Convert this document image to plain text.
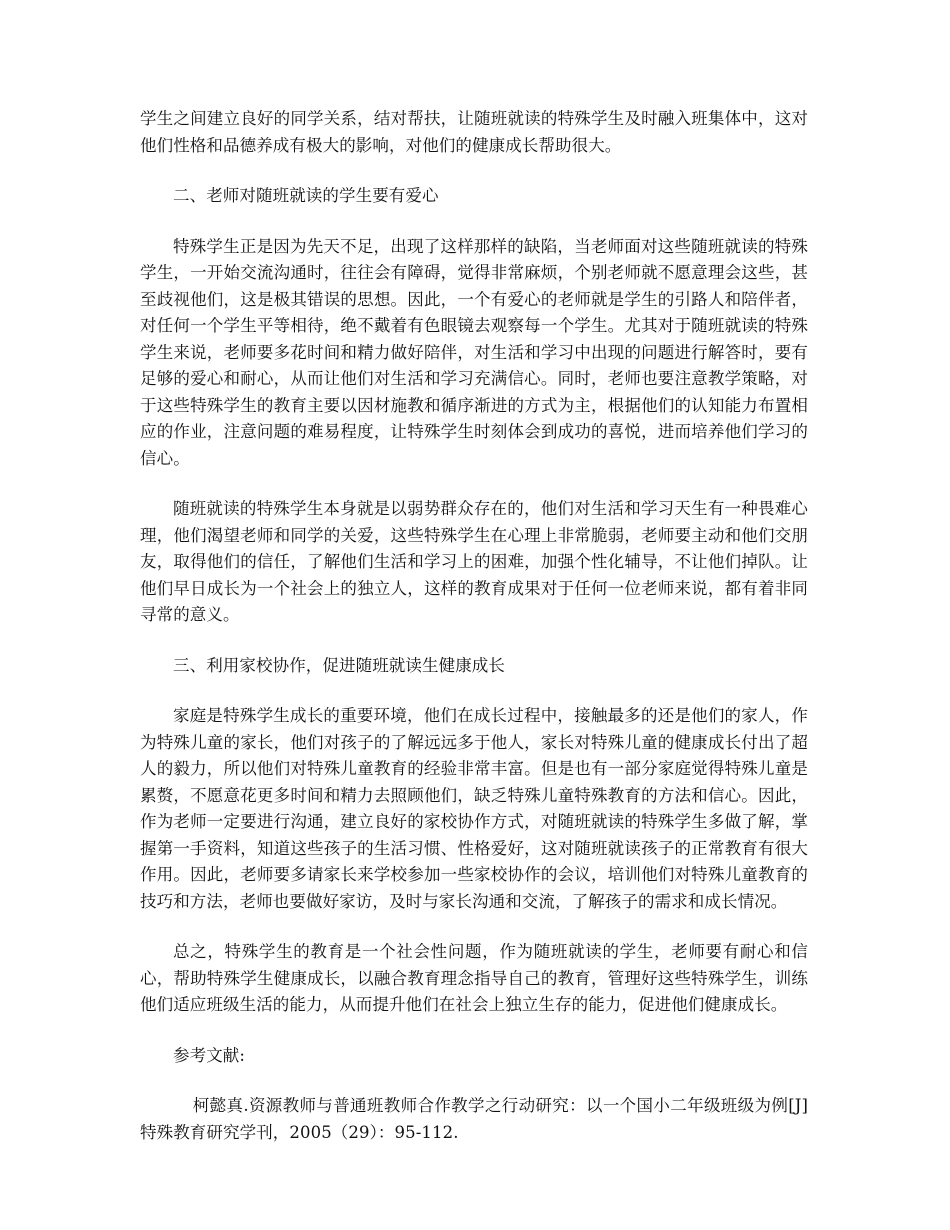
学生之间建立良好的同学关系，结对帮扶，让随班就读的特殊学生及时融入班集体中，这对他们性格和品德养成有极大的影响，对他们的健康成长帮助很大。

二、老师对随班就读的学生要有爱心

特殊学生正是因为先天不足，出现了这样那样的缺陷，当老师面对这些随班就读的特殊学生，一开始交流沟通时，往往会有障碍，觉得非常麻烦，个别老师就不愿意理会这些，甚至歧视他们，这是极其错误的思想。因此，一个有爱心的老师就是学生的引路人和陪伴者，对任何一个学生平等相待，绝不戴着有色眼镜去观察每一个学生。尤其对于随班就读的特殊学生来说，老师要多花时间和精力做好陪伴，对生活和学习中出现的问题进行解答时，要有足够的爱心和耐心，从而让他们对生活和学习充满信心。同时，老师也要注意教学策略，对于这些特殊学生的教育主要以因材施教和循序渐进的方式为主，根据他们的认知能力布置相应的作业，注意问题的难易程度，让特殊学生时刻体会到成功的喜悦，进而培养他们学习的信心。

随班就读的特殊学生本身就是以弱势群众存在的，他们对生活和学习天生有一种畏难心理，他们渴望老师和同学的关爱，这些特殊学生在心理上非常脆弱，老师要主动和他们交朋友，取得他们的信任，了解他们生活和学习上的困难，加强个性化辅导，不让他们掉队。让他们早日成长为一个社会上的独立人，这样的教育成果对于任何一位老师来说，都有着非同寻常的意义。

三、利用家校协作，促进随班就读生健康成长

家庭是特殊学生成长的重要环境，他们在成长过程中，接触最多的还是他们的家人，作为特殊儿童的家长，他们对孩子的了解远远多于他人，家长对特殊儿童的健康成长付出了超人的毅力，所以他们对特殊儿童教育的经验非常丰富。但是也有一部分家庭觉得特殊儿童是累赘，不愿意花更多时间和精力去照顾他们，缺乏特殊儿童特殊教育的方法和信心。因此，作为老师一定要进行沟通，建立良好的家校协作方式，对随班就读的特殊学生多做了解，掌握第一手资料，知道这些孩子的生活习惯、性格爱好，这对随班就读孩子的正常教育有很大作用。因此，老师要多请家长来学校参加一些家校协作的会议，培训他们对特殊儿童教育的技巧和方法，老师也要做好家访，及时与家长沟通和交流，了解孩子的需求和成长情况。

总之，特殊学生的教育是一个社会性问题，作为随班就读的学生，老师要有耐心和信心，帮助特殊学生健康成长，以融合教育理念指导自己的教育，管理好这些特殊学生，训练他们适应班级生活的能力，从而提升他们在社会上独立生存的能力，促进他们健康成长。

参考文献:

柯懿真.资源教师与普通班教师合作教学之行动研究：以一个国小二年级班级为例[J]特殊教育研究学刊，2005（29）：95-112.
